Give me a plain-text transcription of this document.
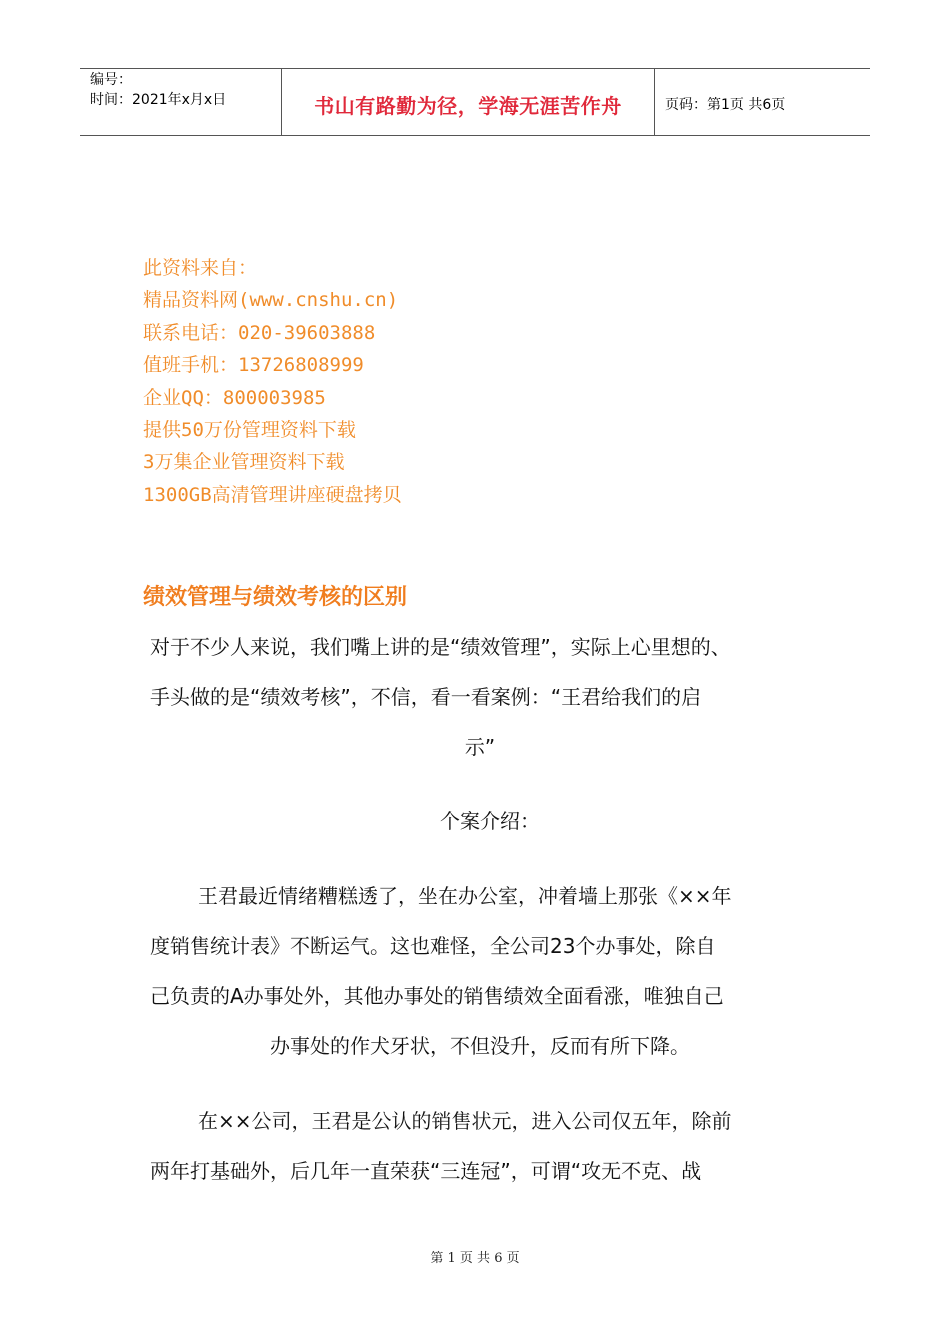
编号：
时间：2021年x月x日	书山有路勤为径，学海无涯苦作舟	页码：第1页 共6页
此资料来自：
精品资料网(www.cnshu.cn)
联系电话：020-39603888
值班手机：13726808999
企业QQ：800003985
提供50万份管理资料下载
3万集企业管理资料下载
1300GB高清管理讲座硬盘拷贝
绩效管理与绩效考核的区别
对于不少人来说，我们嘴上讲的是“绩效管理”，实际上心里想的、
手头做的是“绩效考核”，不信，看一看案例：“王君给我们的启
示”
个案介绍：
王君最近情绪糟糕透了，坐在办公室，冲着墙上那张《××年
度销售统计表》不断运气。这也难怪，全公司23个办事处，除自
己负责的A办事处外，其他办事处的销售绩效全面看涨，唯独自己
办事处的作犬牙状，不但没升，反而有所下降。
在××公司，王君是公认的销售状元，进入公司仅五年，除前
两年打基础外，后几年一直荣获“三连冠”，可谓“攻无不克、战
第 1 页 共 6 页
